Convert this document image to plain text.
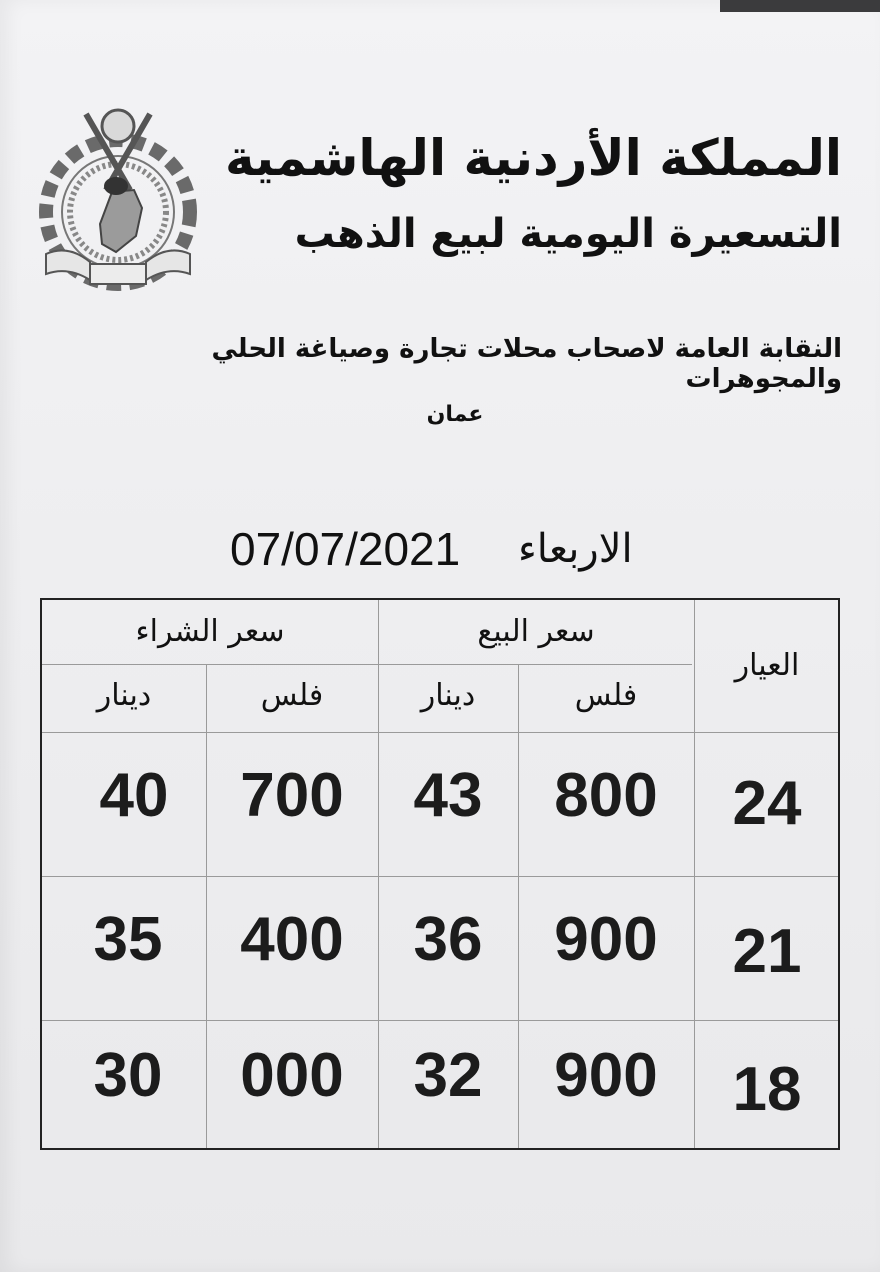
المملكة الأردنية الهاشمية
التسعيرة اليومية لبيع الذهب
النقابة العامة لاصحاب محلات تجارة وصياغة الحلي والمجوهرات
عمان
07/07/2021 الاربعاء
العيار
سعر البيع
سعر الشراء
فلس
دينار
فلس
دينار
24
800
43
700
40
21
900
36
400
35
18
900
32
000
30
